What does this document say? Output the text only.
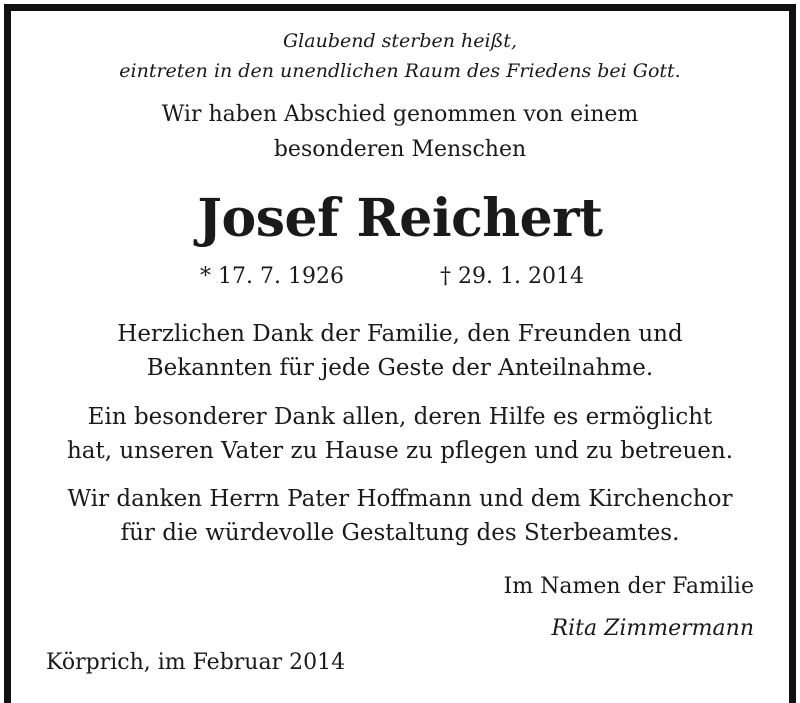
Glaubend sterben heißt,
eintreten in den unendlichen Raum des Friedens bei Gott.
Wir haben Abschied genommen von einem
besonderen Menschen
Josef Reichert
* 17. 7. 1926	† 29. 1. 2014
Herzlichen Dank der Familie, den Freunden und
Bekannten für jede Geste der Anteilnahme.
Ein besonderer Dank allen, deren Hilfe es ermöglicht
hat, unseren Vater zu Hause zu pflegen und zu betreuen.
Wir danken Herrn Pater Hoffmann und dem Kirchenchor
für die würdevolle Gestaltung des Sterbeamtes.
Im Namen der Familie
Rita Zimmermann
Körprich, im Februar 2014
